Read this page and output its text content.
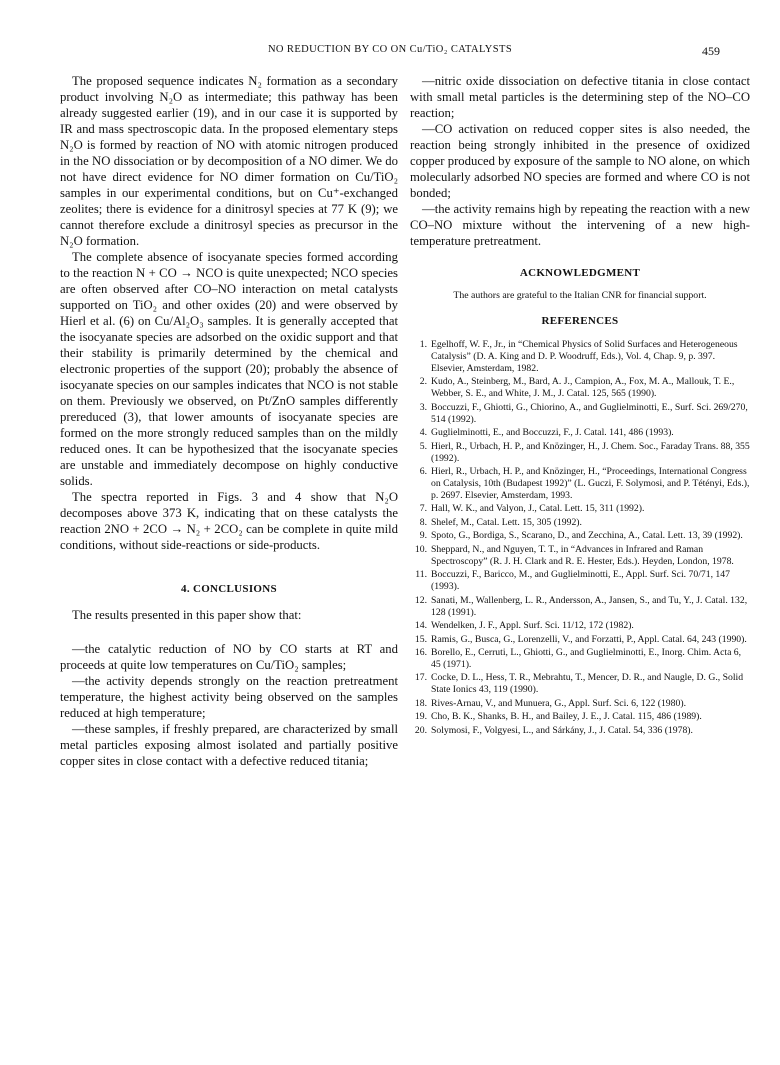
NO REDUCTION BY CO ON Cu/TiO₂ CATALYSTS	459

The proposed sequence indicates N₂ formation as a secondary product involving N₂O as intermediate; this pathway has been already suggested earlier (19), and in our case it is supported by IR and mass spectroscopic data. In the proposed elementary steps N₂O is formed by reaction of NO with atomic nitrogen produced in the NO dissociation or by decomposition of a NO dimer. We do not have direct evidence for NO dimer formation on Cu/TiO₂ samples in our experimental conditions, but on Cu⁺-exchanged zeolites; there is evidence for a dinitrosyl species at 77 K (9); we cannot therefore exclude a dinitrosyl species as precursor in the N₂O formation.

The complete absence of isocyanate species formed according to the reaction N + CO → NCO is quite unexpected; NCO species are often observed after CO–NO interaction on metal catalysts supported on TiO₂ and other oxides (20) and were observed by Hierl et al. (6) on Cu/Al₂O₃ samples. It is generally accepted that the isocyanate species are adsorbed on the oxidic support and that their stability is primarily determined by the chemical and electronic properties of the support (20); probably the absence of isocyanate species on our samples indicates that NCO is not stable on them. Previously we observed, on Pt/ZnO samples differently prereduced (3), that lower amounts of isocyanate species are formed on the more strongly reduced samples than on the mildly reduced ones. It can be hypothesized that the isocyanate species are unstable and immediately decompose on highly conductive solids.

The spectra reported in Figs. 3 and 4 show that N₂O decomposes above 373 K, indicating that on these catalysts the reaction 2NO + 2CO → N₂ + 2CO₂ can be complete in quite mild conditions, without side-reactions or side-products.

4. CONCLUSIONS

The results presented in this paper show that:

—the catalytic reduction of NO by CO starts at RT and proceeds at quite low temperatures on Cu/TiO₂ samples;

—the activity depends strongly on the reaction pretreatment temperature, the highest activity being observed on the samples reduced at high temperature;

—these samples, if freshly prepared, are characterized by small metal particles exposing almost isolated and partially positive copper sites in close contact with a defective reduced titania;

—nitric oxide dissociation on defective titania in close contact with small metal particles is the determining step of the NO–CO reaction;

—CO activation on reduced copper sites is also needed, the reaction being strongly inhibited in the presence of oxidized copper produced by exposure of the sample to NO alone, on which molecularly adsorbed NO species are formed and where CO is not bonded;

—the activity remains high by repeating the reaction with a new CO–NO mixture without the intervening of a new high-temperature pretreatment.

ACKNOWLEDGMENT
The authors are grateful to the Italian CNR for financial support.
REFERENCES
1. Egelhoff, W. F., Jr., in “Chemical Physics of Solid Surfaces and Heterogeneous Catalysis” (D. A. King and D. P. Woodruff, Eds.), Vol. 4, Chap. 9, p. 397. Elsevier, Amsterdam, 1982.
2. Kudo, A., Steinberg, M., Bard, A. J., Campion, A., Fox, M. A., Mallouk, T. E., Webber, S. E., and White, J. M., J. Catal. 125, 565 (1990).
3. Boccuzzi, F., Ghiotti, G., Chiorino, A., and Guglielminotti, E., Surf. Sci. 269/270, 514 (1992).
4. Guglielminotti, E., and Boccuzzi, F., J. Catal. 141, 486 (1993).
5. Hierl, R., Urbach, H. P., and Knözinger, H., J. Chem. Soc., Faraday Trans. 88, 355 (1992).
6. Hierl, R., Urbach, H. P., and Knözinger, H., “Proceedings, International Congress on Catalysis, 10th (Budapest 1992)” (L. Guczi, F. Solymosi, and P. Tétényi, Eds.), p. 2697. Elsevier, Amsterdam, 1993.
7. Hall, W. K., and Valyon, J., Catal. Lett. 15, 311 (1992).
8. Shelef, M., Catal. Lett. 15, 305 (1992).
9. Spoto, G., Bordiga, S., Scarano, D., and Zecchina, A., Catal. Lett. 13, 39 (1992).
10. Sheppard, N., and Nguyen, T. T., in “Advances in Infrared and Raman Spectroscopy” (R. J. H. Clark and R. E. Hester, Eds.). Heyden, London, 1978.
11. Boccuzzi, F., Baricco, M., and Guglielminotti, E., Appl. Surf. Sci. 70/71, 147 (1993).
12. Sanati, M., Wallenberg, L. R., Andersson, A., Jansen, S., and Tu, Y., J. Catal. 132, 128 (1991).
14. Wendelken, J. F., Appl. Surf. Sci. 11/12, 172 (1982).
15. Ramis, G., Busca, G., Lorenzelli, V., and Forzatti, P., Appl. Catal. 64, 243 (1990).
16. Borello, E., Cerruti, L., Ghiotti, G., and Guglielminotti, E., Inorg. Chim. Acta 6, 45 (1971).
17. Cocke, D. L., Hess, T. R., Mebrahtu, T., Mencer, D. R., and Naugle, D. G., Solid State Ionics 43, 119 (1990).
18. Rives-Arnau, V., and Munuera, G., Appl. Surf. Sci. 6, 122 (1980).
19. Cho, B. K., Shanks, B. H., and Bailey, J. E., J. Catal. 115, 486 (1989).
20. Solymosi, F., Volgyesi, L., and Sárkány, J., J. Catal. 54, 336 (1978).
